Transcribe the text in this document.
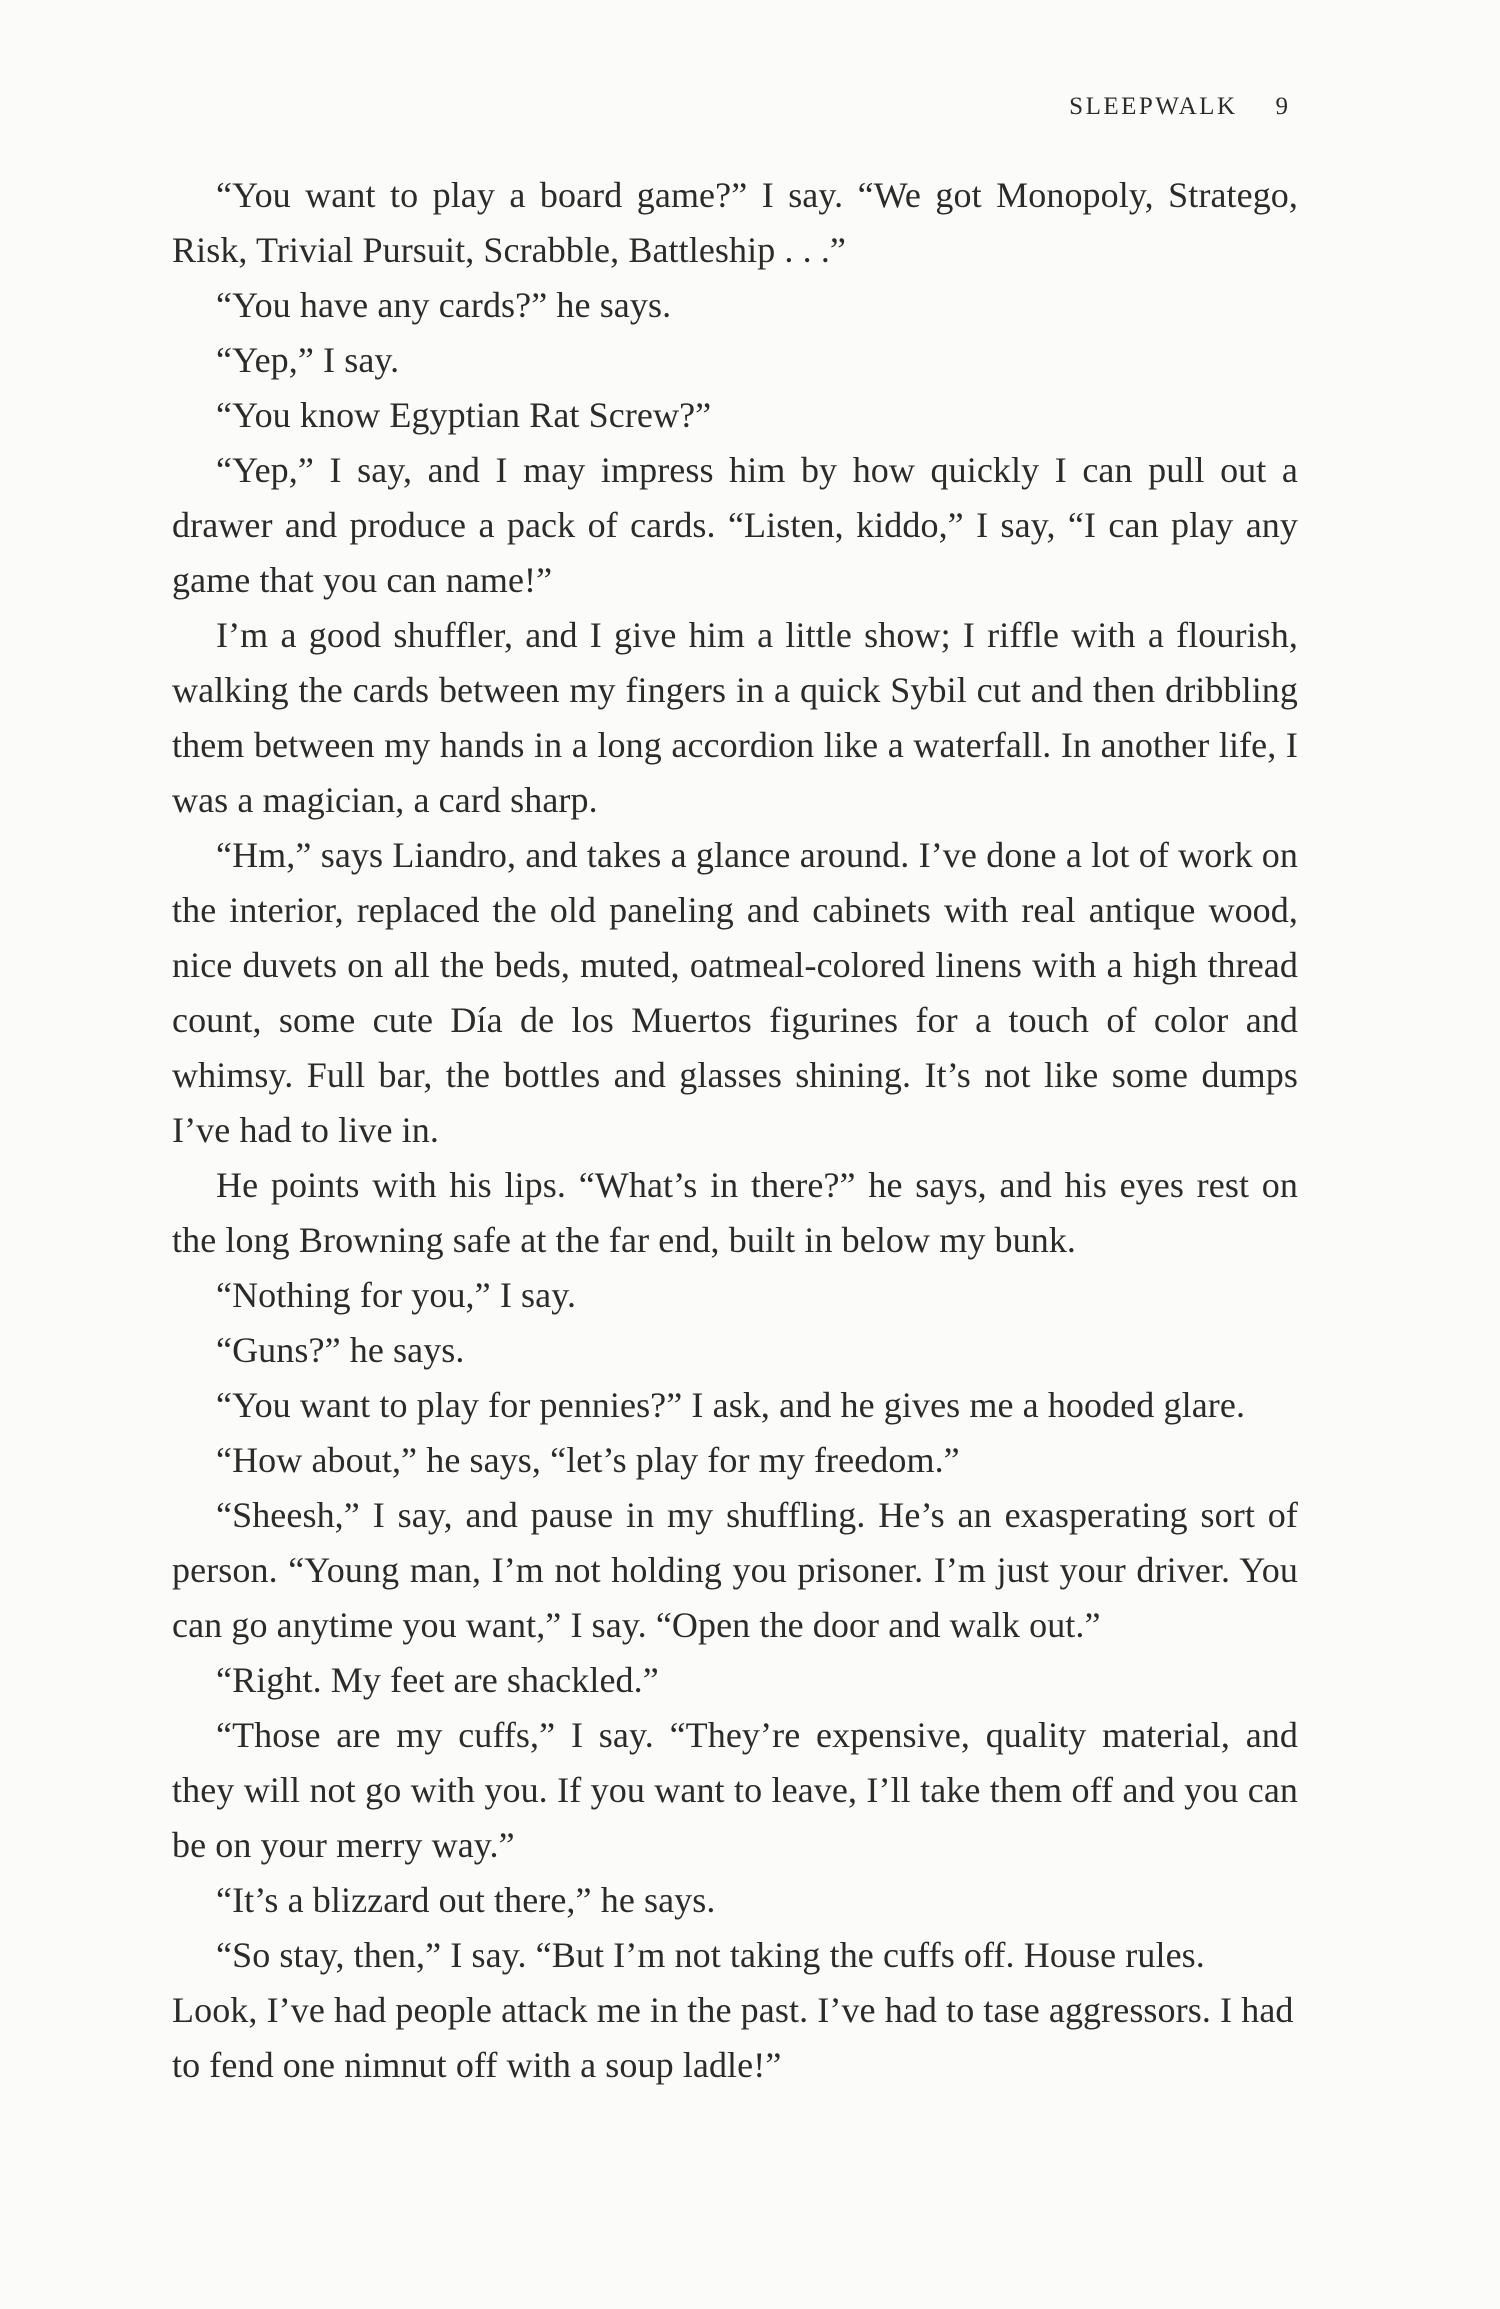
SLEEPWALK 9

“You want to play a board game?” I say. “We got Monopoly, Stratego, Risk, Trivial Pursuit, Scrabble, Battleship . . .”

“You have any cards?” he says.

“Yep,” I say.

“You know Egyptian Rat Screw?”

“Yep,” I say, and I may impress him by how quickly I can pull out a drawer and produce a pack of cards. “Listen, kiddo,” I say, “I can play any game that you can name!”

I’m a good shuffler, and I give him a little show; I riffle with a flourish, walking the cards between my fingers in a quick Sybil cut and then dribbling them between my hands in a long accordion like a waterfall. In another life, I was a magician, a card sharp.

“Hm,” says Liandro, and takes a glance around. I’ve done a lot of work on the interior, replaced the old paneling and cabinets with real antique wood, nice duvets on all the beds, muted, oatmeal-colored linens with a high thread count, some cute Día de los Muertos figurines for a touch of color and whimsy. Full bar, the bottles and glasses shining. It’s not like some dumps I’ve had to live in.

He points with his lips. “What’s in there?” he says, and his eyes rest on the long Browning safe at the far end, built in below my bunk.

“Nothing for you,” I say.

“Guns?” he says.

“You want to play for pennies?” I ask, and he gives me a hooded glare.

“How about,” he says, “let’s play for my freedom.”

“Sheesh,” I say, and pause in my shuffling. He’s an exasperating sort of person. “Young man, I’m not holding you prisoner. I’m just your driver. You can go anytime you want,” I say. “Open the door and walk out.”

“Right. My feet are shackled.”

“Those are my cuffs,” I say. “They’re expensive, quality material, and they will not go with you. If you want to leave, I’ll take them off and you can be on your merry way.”

“It’s a blizzard out there,” he says.

“So stay, then,” I say. “But I’m not taking the cuffs off. House rules. Look, I’ve had people attack me in the past. I’ve had to tase aggressors. I had to fend one nimnut off with a soup ladle!”
